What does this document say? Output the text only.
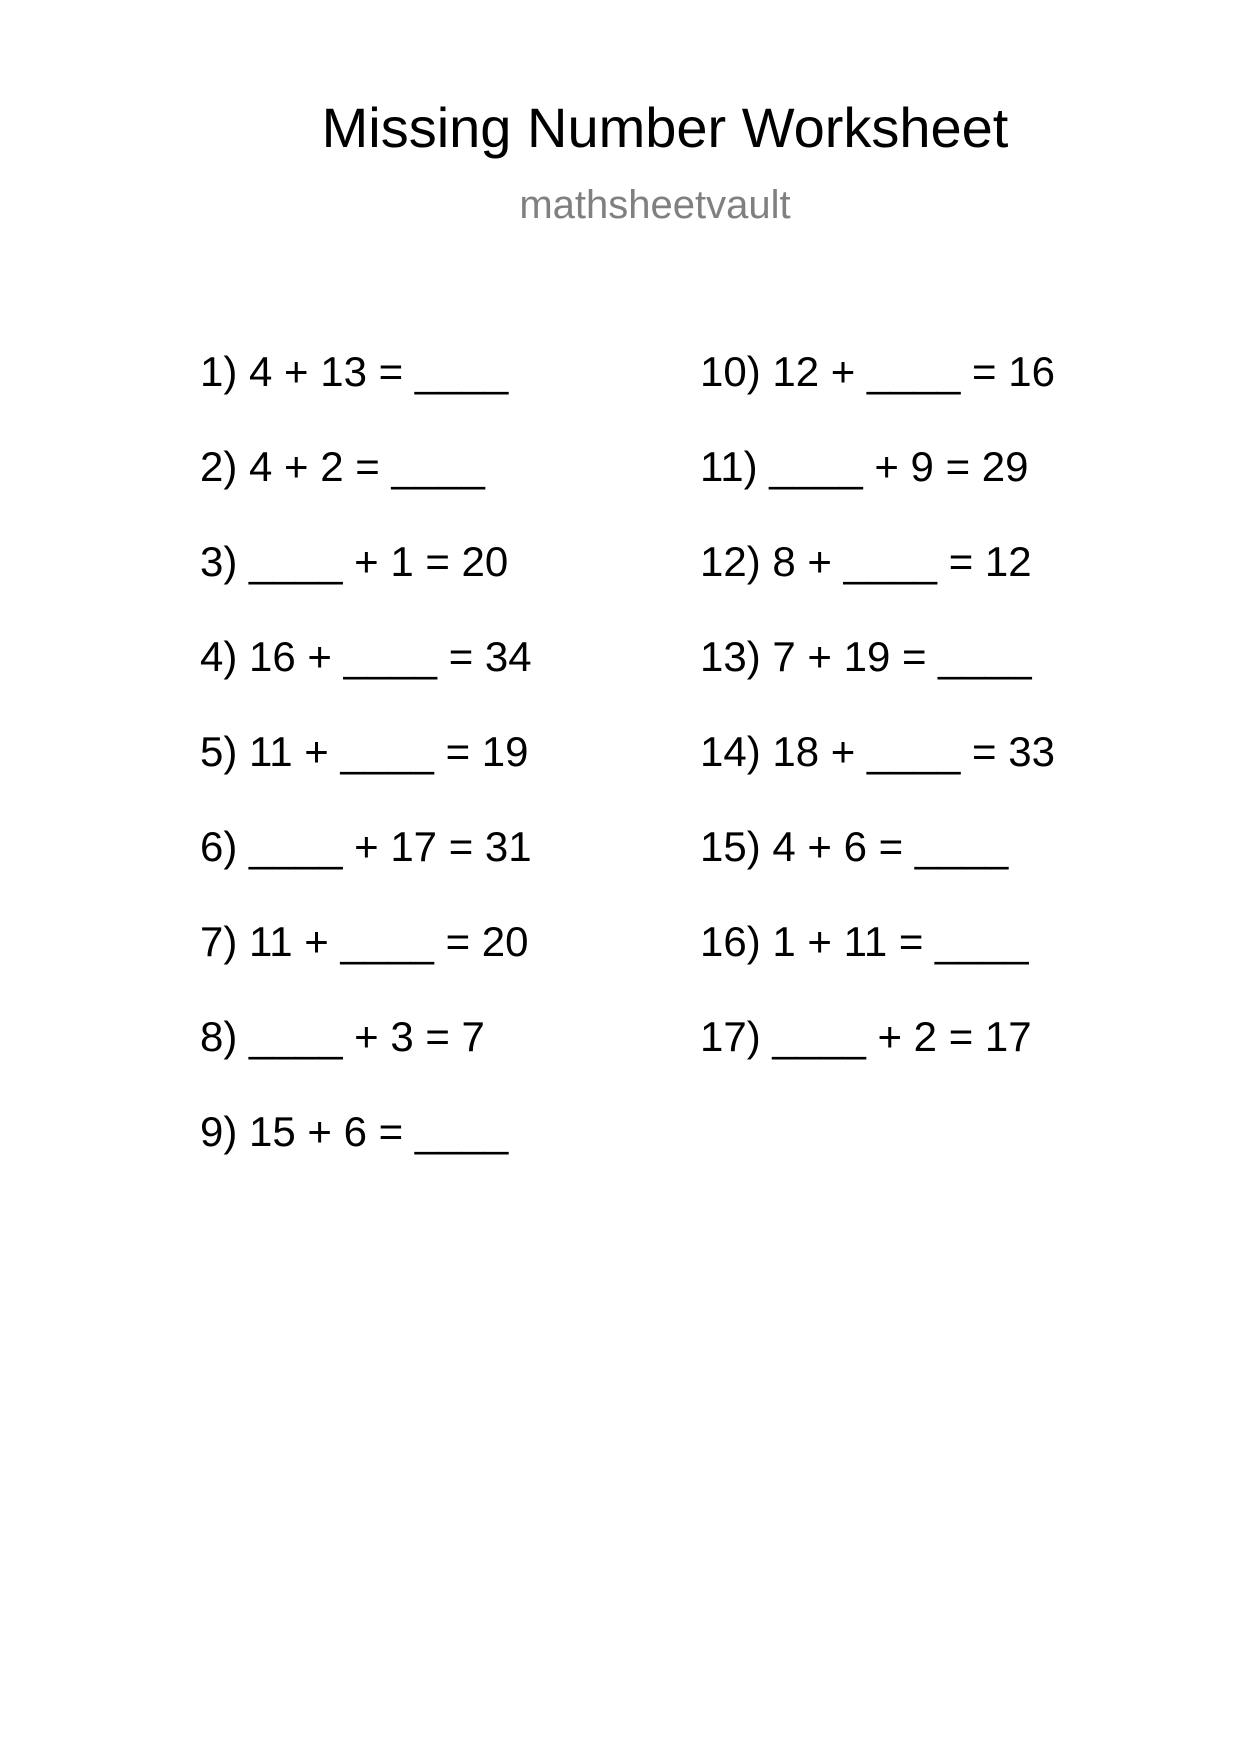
Missing Number Worksheet
mathsheetvault
1) 4 + 13 = ____
2) 4 + 2 = ____
3) ____ + 1 = 20
4) 16 + ____ = 34
5) 11 + ____ = 19
6) ____ + 17 = 31
7) 11 + ____ = 20
8) ____ + 3 = 7
9) 15 + 6 = ____
10) 12 + ____ = 16
11) ____ + 9 = 29
12) 8 + ____ = 12
13) 7 + 19 = ____
14) 18 + ____ = 33
15) 4 + 6 = ____
16) 1 + 11 = ____
17) ____ + 2 = 17
